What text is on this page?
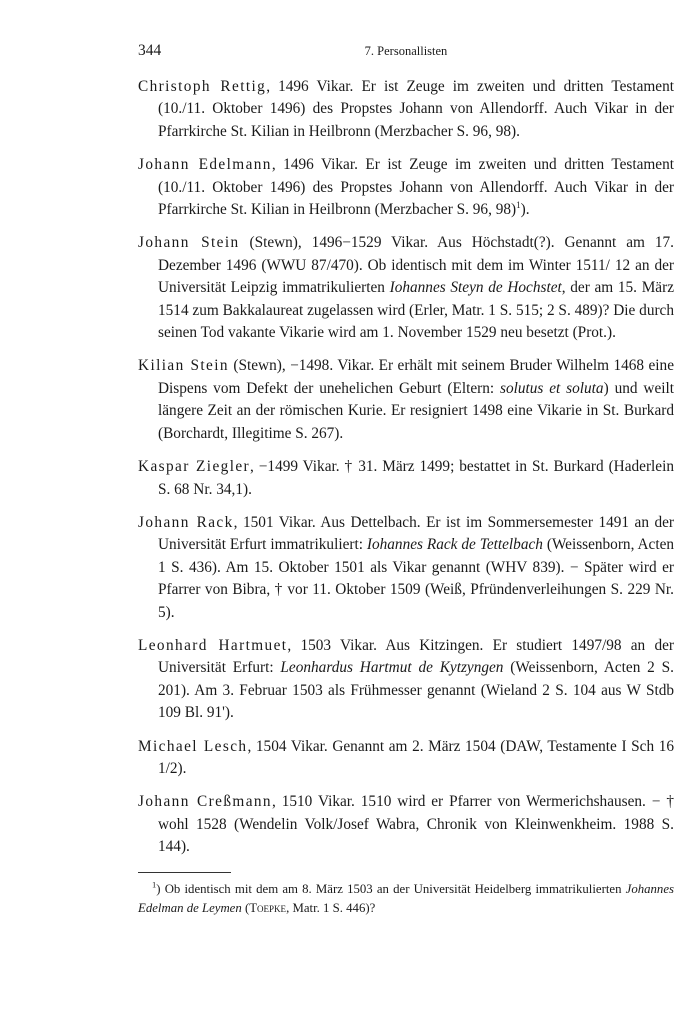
344	7. Personallisten

Christoph Rettig, 1496 Vikar. Er ist Zeuge im zweiten und dritten Testament (10./11. Oktober 1496) des Propstes Johann von Allendorff. Auch Vikar in der Pfarrkirche St. Kilian in Heilbronn (Merzbacher S. 96, 98).

Johann Edelmann, 1496 Vikar. Er ist Zeuge im zweiten und dritten Testament (10./11. Oktober 1496) des Propstes Johann von Allendorff. Auch Vikar in der Pfarrkirche St. Kilian in Heilbronn (Merzbacher S. 96, 98)$^1$).

Johann Stein (Stewn), 1496−1529 Vikar. Aus Höchstadt(?). Genannt am 17. Dezember 1496 (WWU 87/470). Ob identisch mit dem im Winter 1511/ 12 an der Universität Leipzig immatrikulierten Iohannes Steyn de Hochstet, der am 15. März 1514 zum Bakkalaureat zugelassen wird (Erler, Matr. 1 S. 515; 2 S. 489)? Die durch seinen Tod vakante Vikarie wird am 1. November 1529 neu besetzt (Prot.).

Kilian Stein (Stewn), −1498. Vikar. Er erhält mit seinem Bruder Wilhelm 1468 eine Dispens vom Defekt der unehelichen Geburt (Eltern: solutus et soluta) und weilt längere Zeit an der römischen Kurie. Er resigniert 1498 eine Vikarie in St. Burkard (Borchardt, Illegitime S. 267).

Kaspar Ziegler, −1499 Vikar. † 31. März 1499; bestattet in St. Burkard (Haderlein S. 68 Nr. 34,1).

Johann Rack, 1501 Vikar. Aus Dettelbach. Er ist im Sommersemester 1491 an der Universität Erfurt immatrikuliert: Iohannes Rack de Tettelbach (Weissenborn, Acten 1 S. 436). Am 15. Oktober 1501 als Vikar genannt (WHV 839). − Später wird er Pfarrer von Bibra, † vor 11. Oktober 1509 (Weiß, Pfründenverleihungen S. 229 Nr. 5).

Leonhard Hartmuet, 1503 Vikar. Aus Kitzingen. Er studiert 1497/98 an der Universität Erfurt: Leonhardus Hartmut de Kytzyngen (Weissenborn, Acten 2 S. 201). Am 3. Februar 1503 als Frühmesser genannt (Wieland 2 S. 104 aus W Stdb 109 Bl. 91').

Michael Lesch, 1504 Vikar. Genannt am 2. März 1504 (DAW, Testamente I Sch 16 1/2).

Johann Creßmann, 1510 Vikar. 1510 wird er Pfarrer von Wermerichshausen. − † wohl 1528 (Wendelin Volk/Josef Wabra, Chronik von Kleinwenkheim. 1988 S. 144).

$^1$) Ob identisch mit dem am 8. März 1503 an der Universität Heidelberg immatrikulierten Johannes Edelman de Leymen (Toepke, Matr. 1 S. 446)?
